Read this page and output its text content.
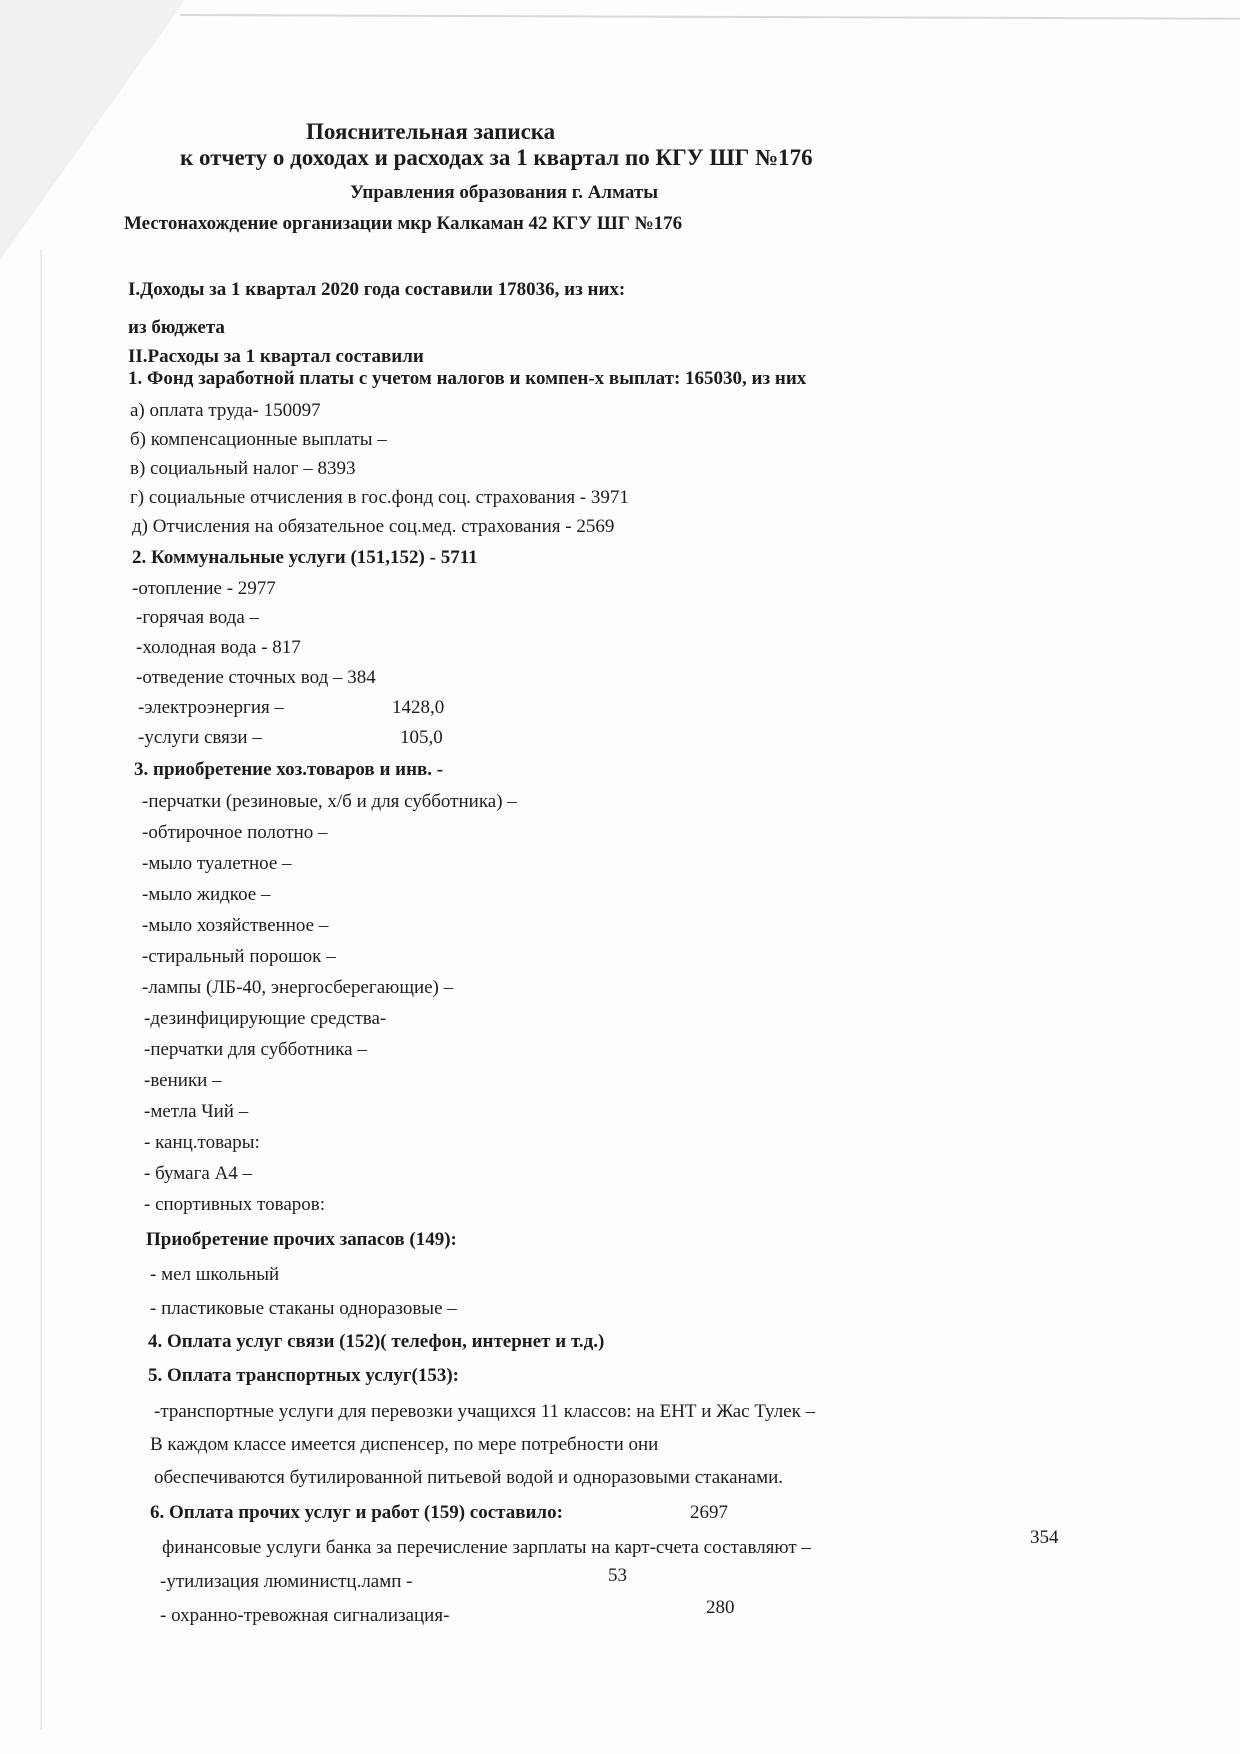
Пояснительная записка
к отчету о доходах и расходах за 1 квартал по КГУ ШГ №176
Управления образования г. Алматы
Местонахождение организации мкр Калкаман 42 КГУ ШГ №176
I.Доходы за 1 квартал 2020 года составили 178036, из них:
из бюджета
II.Расходы за 1 квартал составили
1. Фонд заработной платы с учетом налогов и компен-х выплат: 165030, из них
а) оплата труда- 150097
б) компенсационные выплаты –
в) социальный налог – 8393
г) социальные отчисления в гос.фонд соц. страхования - 3971
д) Отчисления на обязательное соц.мед. страхования - 2569
2. Коммунальные услуги (151,152) - 5711
-отопление - 2977
-горячая вода –
-холодная вода - 817
-отведение сточных вод – 384
-электроэнергия –	1428,0
-услуги связи –	105,0
3. приобретение хоз.товаров и инв. -
-перчатки (резиновые, х/б и для субботника) –
-обтирочное полотно –
-мыло туалетное –
-мыло жидкое –
-мыло хозяйственное –
-стиральный порошок –
-лампы (ЛБ-40, энергосберегающие) –
-дезинфицирующие средства-
-перчатки для субботника –
-веники –
-метла Чий –
- канц.товары:
- бумага А4 –
- спортивных товаров:
Приобретение прочих запасов (149):
- мел школьный
- пластиковые стаканы одноразовые –
4. Оплата услуг связи (152)( телефон, интернет и т.д.)
5. Оплата транспортных услуг(153):
-транспортные услуги для перевозки учащихся 11 классов: на ЕНТ и Жас Тулек –
В каждом классе имеется диспенсер, по мере потребности они
обеспечиваются бутилированной питьевой водой и одноразовыми стаканами.
6. Оплата прочих услуг и работ (159) составило:	2697
финансовые услуги банка за перечисление зарплаты на карт-счета составляют –	354
-утилизация люминистц.ламп -	53
- охранно-тревожная сигнализация-	280
